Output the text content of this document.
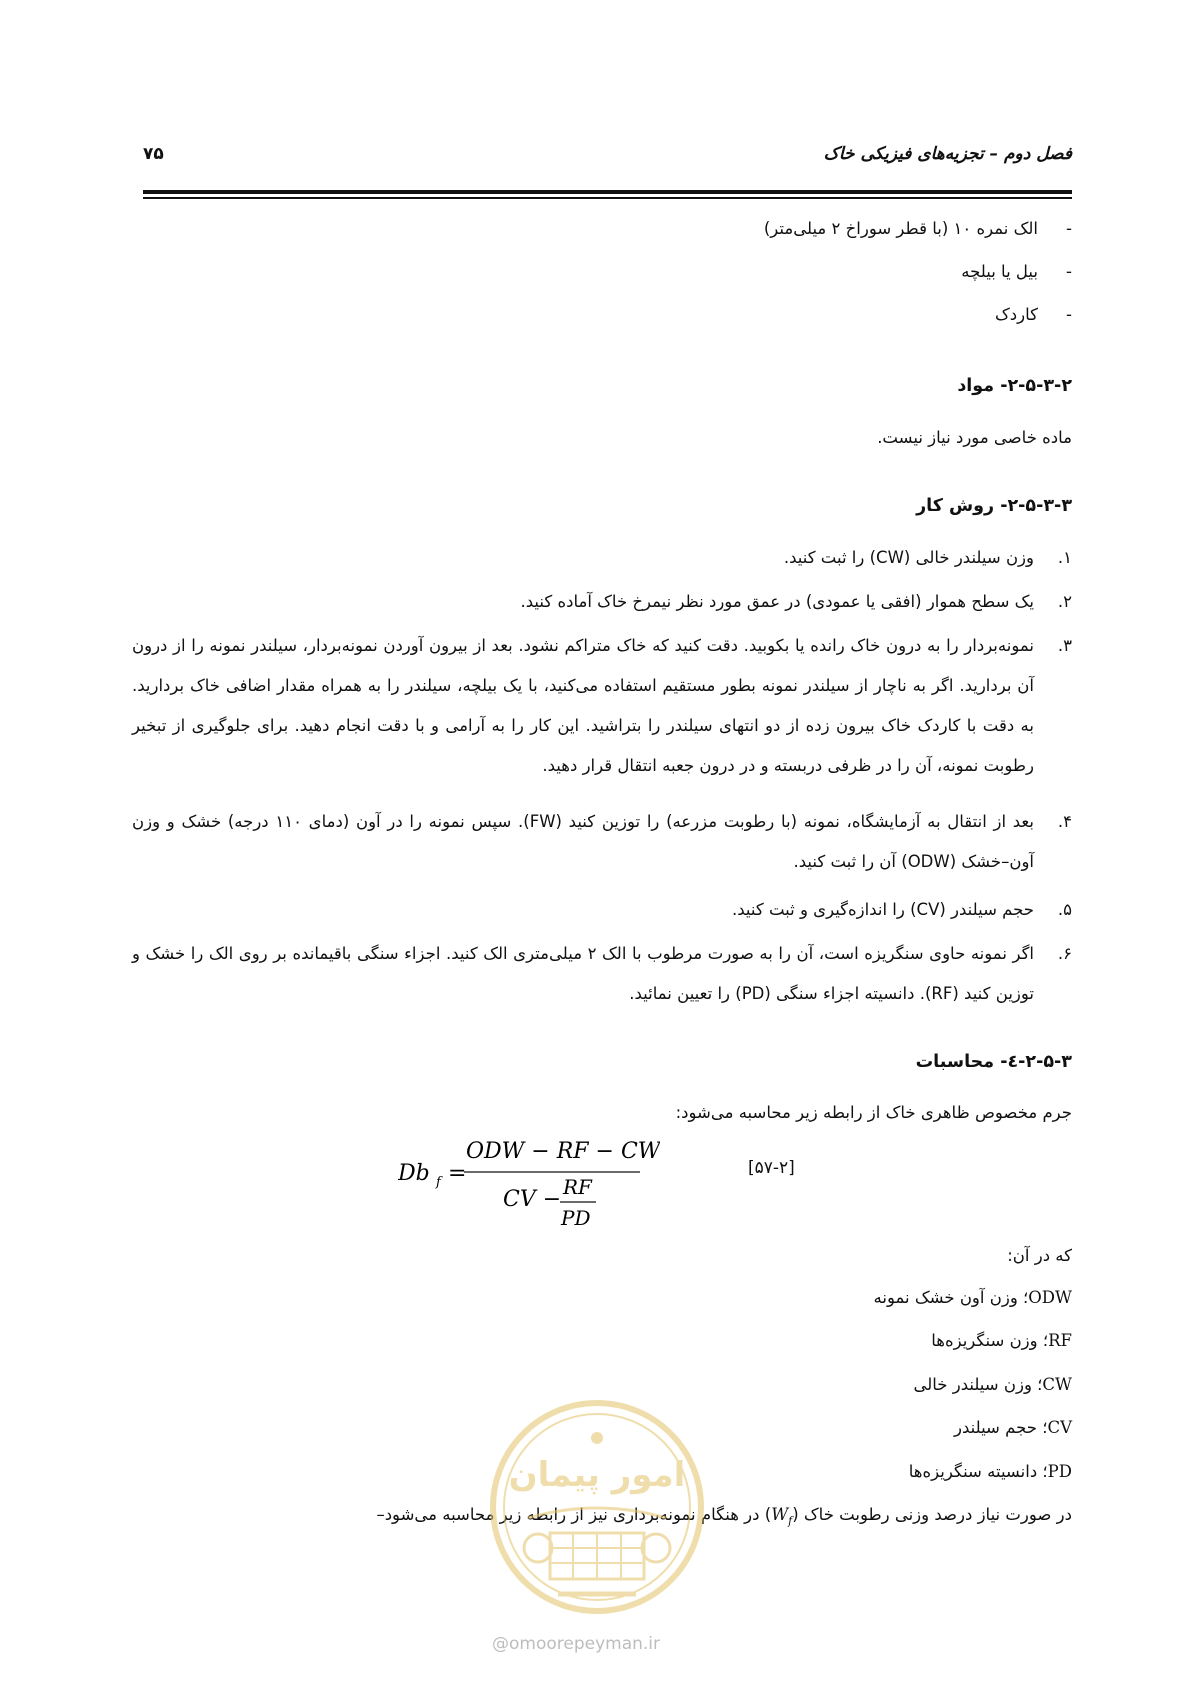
فصل دوم – تجزیه‌های فیزیکی خاک
۷۵
-الک نمره ۱۰ (با قطر سوراخ ۲ میلی‌متر)
-بیل یا بیلچه
-کاردک
۲-۵-۳-۲- مواد
ماده خاصی مورد نیاز نیست.
۲-۵-۳-۳- روش کار
۱.
وزن سیلندر خالی (CW) را ثبت کنید.
۲.
یک سطح هموار (افقی یا عمودی) در عمق مورد نظر نیمرخ خاک آماده کنید.
۳.
نمونه‌بردار را به درون خاک رانده یا بکوبید. دقت کنید که خاک متراکم نشود. بعد از بیرون آوردن نمونه‌بردار، سیلندر نمونه را از درون آن بردارید. اگر به ناچار از سیلندر نمونه بطور مستقیم استفاده می‌کنید، با یک بیلچه، سیلندر را به همراه مقدار اضافی خاک بردارید. به دقت با کاردک خاک بیرون زده از دو انتهای سیلندر را بتراشید. این کار را به آرامی و با دقت انجام دهید. برای جلوگیری از تبخیر رطوبت نمونه، آن را در ظرفی دربسته و در درون جعبه انتقال قرار دهید.
۴.
بعد از انتقال به آزمایشگاه، نمونه (با رطوبت مزرعه) را توزین کنید (FW). سپس نمونه را در آون (دمای ۱۱۰ درجه) خشک و وزن آون–خشک (ODW) آن را ثبت کنید.
۵.
حجم سیلندر (CV) را اندازه‌گیری و ثبت کنید.
۶.
اگر نمونه حاوی سنگریزه است، آن را به صورت مرطوب با الک ۲ میلی‌متری الک کنید. اجزاء سنگی باقیمانده بر روی الک را خشک و توزین کنید (RF). دانسیته اجزاء سنگی (PD) را تعیین نمائید.
۲-۵-۳-٤- محاسبات
جرم مخصوص ظاهری خاک از رابطه زیر محاسبه می‌شود:
Db f =
ODW − RF − CW
CV − RF
PD
[۵۷-۲]
که در آن:
ODW؛ وزن آون خشک نمونه
RF؛ وزن سنگریزه‌ها
CW؛ وزن سیلندر خالی
CV؛ حجم سیلندر
PD؛ دانسیته سنگریزه‌ها
در صورت نیاز درصد وزنی رطوبت خاک $(W_f)$ در هنگام نمونه‌برداری نیز از رابطه زیر محاسبه می‌شود–
امور پیمان
@omoorepeyman.ir
